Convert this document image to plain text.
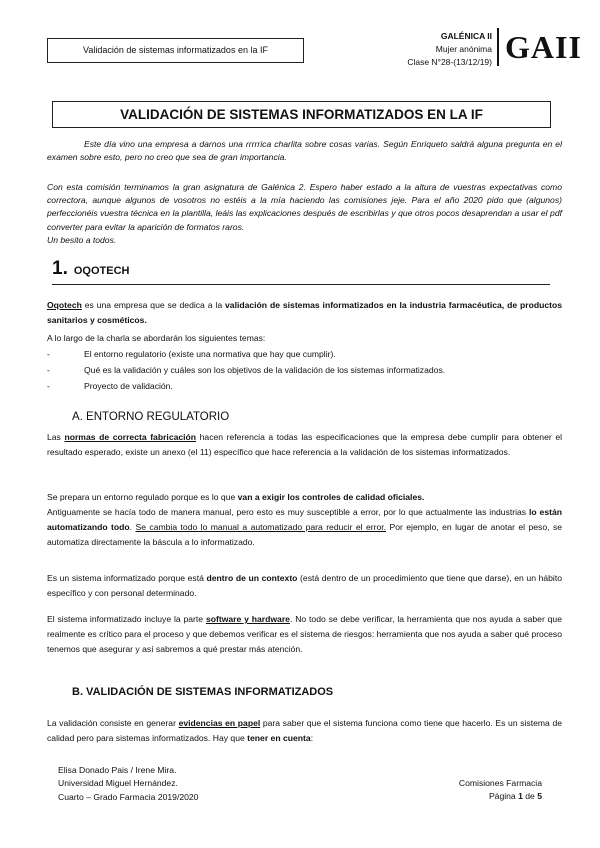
Validación de sistemas informatizados en la IF
GALÉNICA II
Mujer anónima
Clase N°28-(13/12/19) GAII
VALIDACIÓN DE SISTEMAS INFORMATIZADOS EN LA IF
Este día vino una empresa a darnos una rrrrrica charlita sobre cosas varias. Según Enriqueto saldrá alguna pregunta en el examen sobre esto, pero no creo que sea de gran importancia.
Con esta comisión terminamos la gran asignatura de Galénica 2. Espero haber estado a la altura de vuestras expectativas como correctora, aunque algunos de vosotros no estéis a la mía haciendo las comisiones jeje. Para el año 2020 pido que (algunos) perfeccionéis vuestra técnica en la plantilla, leáis las explicaciones después de escribirlas y que otros pocos desaprendan a usar el pdf converter para evitar la aparición de formatos raros.
Un besito a todos.
1. OQOTECH
Oqotech es una empresa que se dedica a la validación de sistemas informatizados en la industria farmacéutica, de productos sanitarios y cosméticos.
A lo largo de la charla se abordarán los siguientes temas:
-	El entorno regulatorio (existe una normativa que hay que cumplir).
-	Qué es la validación y cuáles son los objetivos de la validación de los sistemas informatizados.
-	Proyecto de validación.
A. ENTORNO REGULATORIO
Las normas de correcta fabricación hacen referencia a todas las especificaciones que la empresa debe cumplir para obtener el resultado esperado, existe un anexo (el 11) específico que hace referencia a la validación de los sistemas informatizados.
Se prepara un entorno regulado porque es lo que van a exigir los controles de calidad oficiales.
Antiguamente se hacía todo de manera manual, pero esto es muy susceptible a error, por lo que actualmente las industrias lo están automatizando todo. Se cambia todo lo manual a automatizado para reducir el error. Por ejemplo, en lugar de anotar el peso, se automatiza directamente la báscula a lo informatizado.
Es un sistema informatizado porque está dentro de un contexto (está dentro de un procedimiento que tiene que darse), en un hábito específico y con personal determinado.
El sistema informatizado incluye la parte software y hardware. No todo se debe verificar, la herramienta que nos ayuda a saber que realmente es crítico para el proceso y que debemos verificar es el sistema de riesgos: herramienta que nos ayuda a saber qué proceso tenemos que asegurar y así sabremos a qué prestar más atención.
B. VALIDACIÓN DE SISTEMAS INFORMATIZADOS
La validación consiste en generar evidencias en papel para saber que el sistema funciona como tiene que hacerlo. Es un sistema de calidad pero para sistemas informatizados. Hay que tener en cuenta:
Elisa Donado Pais / Irene Mira.
Universidad Miguel Hernández.
Cuarto – Grado Farmacia 2019/2020
Comisiones Farmacia
Página 1 de 5
